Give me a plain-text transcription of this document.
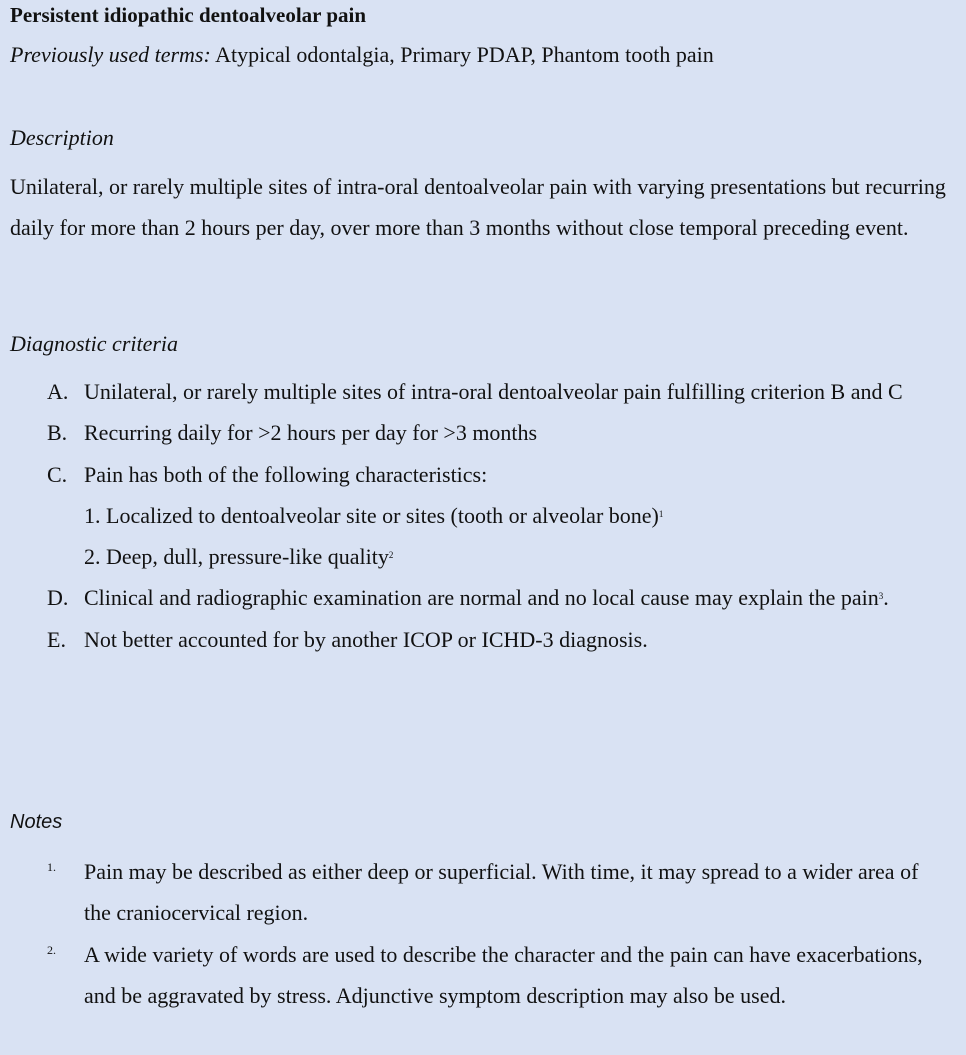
Persistent idiopathic dentoalveolar pain
Previously used terms: Atypical odontalgia, Primary PDAP, Phantom tooth pain
Description

Unilateral, or rarely multiple sites of intra-oral dentoalveolar pain with varying presentations but recurring daily for more than 2 hours per day, over more than 3 months without close temporal preceding event.

Diagnostic criteria
A. Unilateral, or rarely multiple sites of intra-oral dentoalveolar pain fulfilling criterion B and C
B. Recurring daily for >2 hours per day for >3 months
C. Pain has both of the following characteristics:
1. Localized to dentoalveolar site or sites (tooth or alveolar bone)$^1$
2. Deep, dull, pressure-like quality$^2$
D. Clinical and radiographic examination are normal and no local cause may explain the pain$^3$.
E. Not better accounted for by another ICOP or ICHD-3 diagnosis.
Notes
1. Pain may be described as either deep or superficial. With time, it may spread to a wider area of the craniocervical region.
2. A wide variety of words are used to describe the character and the pain can have exacerbations, and be aggravated by stress. Adjunctive symptom description may also be used.
